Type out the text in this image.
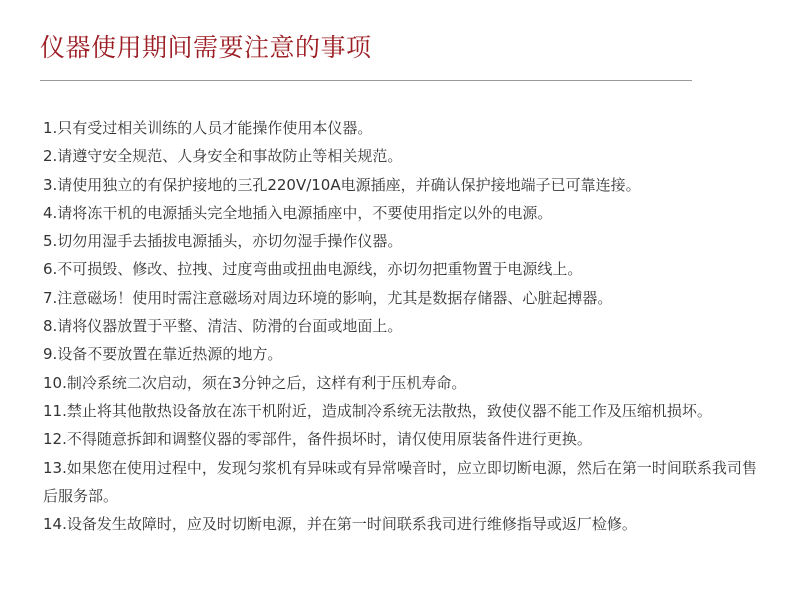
仪器使用期间需要注意的事项
1.只有受过相关训练的人员才能操作使用本仪器。
2.请遵守安全规范、人身安全和事故防止等相关规范。
3.请使用独立的有保护接地的三孔220V/10A电源插座，并确认保护接地端子已可靠连接。
4.请将冻干机的电源插头完全地插入电源插座中，不要使用指定以外的电源。
5.切勿用湿手去插拔电源插头，亦切勿湿手操作仪器。
6.不可损毁、修改、拉拽、过度弯曲或扭曲电源线，亦切勿把重物置于电源线上。
7.注意磁场！使用时需注意磁场对周边环境的影响，尤其是数据存储器、心脏起搏器。
8.请将仪器放置于平整、清洁、防滑的台面或地面上。
9.设备不要放置在靠近热源的地方。
10.制冷系统二次启动，须在3分钟之后，这样有利于压机寿命。
11.禁止将其他散热设备放在冻干机附近，造成制冷系统无法散热，致使仪器不能工作及压缩机损坏。
12.不得随意拆卸和调整仪器的零部件，备件损坏时，请仅使用原装备件进行更换。
13.如果您在使用过程中，发现匀浆机有异味或有异常噪音时，应立即切断电源，然后在第一时间联系我司售后服务部。
14.设备发生故障时，应及时切断电源，并在第一时间联系我司进行维修指导或返厂检修。
